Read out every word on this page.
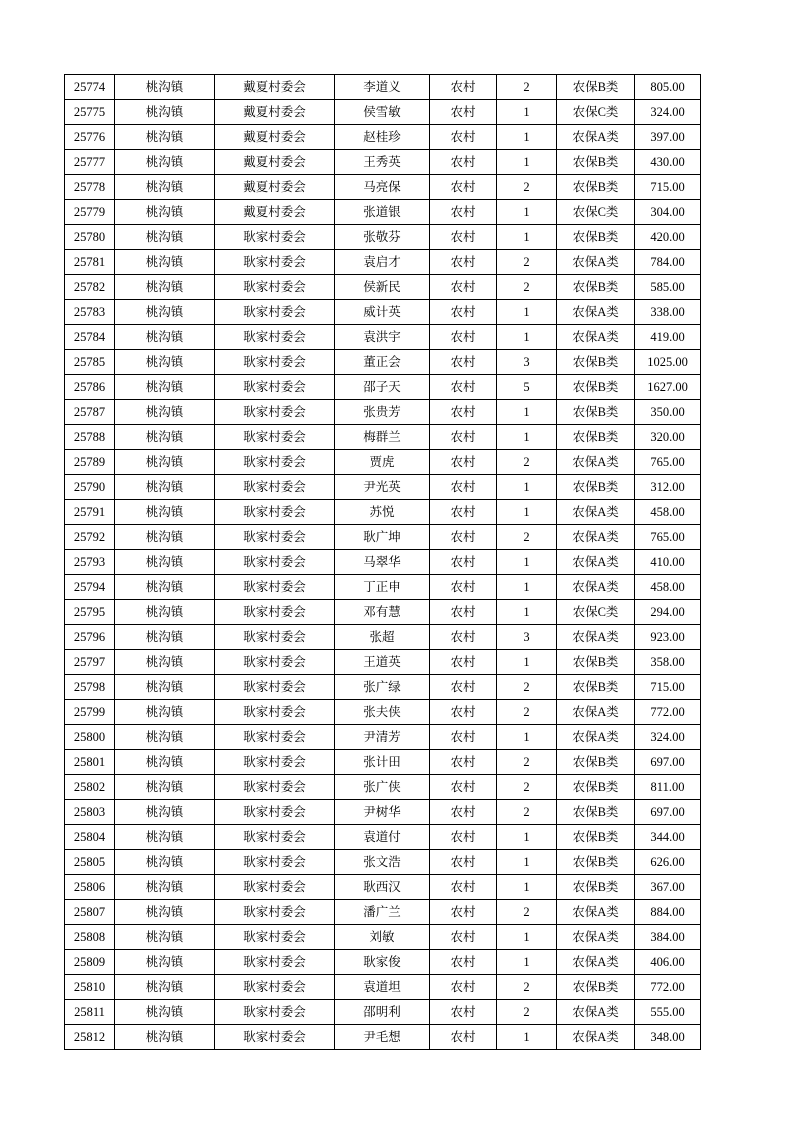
25774	桃沟镇	戴夏村委会	李道义	农村	2	农保B类	805.00
25775	桃沟镇	戴夏村委会	侯雪敏	农村	1	农保C类	324.00
25776	桃沟镇	戴夏村委会	赵桂珍	农村	1	农保A类	397.00
25777	桃沟镇	戴夏村委会	王秀英	农村	1	农保B类	430.00
25778	桃沟镇	戴夏村委会	马亮保	农村	2	农保B类	715.00
25779	桃沟镇	戴夏村委会	张道银	农村	1	农保C类	304.00
25780	桃沟镇	耿家村委会	张敬芬	农村	1	农保B类	420.00
25781	桃沟镇	耿家村委会	袁启才	农村	2	农保A类	784.00
25782	桃沟镇	耿家村委会	侯新民	农村	2	农保B类	585.00
25783	桃沟镇	耿家村委会	威计英	农村	1	农保A类	338.00
25784	桃沟镇	耿家村委会	袁洪宇	农村	1	农保A类	419.00
25785	桃沟镇	耿家村委会	董正会	农村	3	农保B类	1025.00
25786	桃沟镇	耿家村委会	邵子天	农村	5	农保B类	1627.00
25787	桃沟镇	耿家村委会	张贵芳	农村	1	农保B类	350.00
25788	桃沟镇	耿家村委会	梅群兰	农村	1	农保B类	320.00
25789	桃沟镇	耿家村委会	贾虎	农村	2	农保A类	765.00
25790	桃沟镇	耿家村委会	尹光英	农村	1	农保B类	312.00
25791	桃沟镇	耿家村委会	苏悦	农村	1	农保A类	458.00
25792	桃沟镇	耿家村委会	耿广坤	农村	2	农保A类	765.00
25793	桃沟镇	耿家村委会	马翠华	农村	1	农保A类	410.00
25794	桃沟镇	耿家村委会	丁正申	农村	1	农保A类	458.00
25795	桃沟镇	耿家村委会	邓有慧	农村	1	农保C类	294.00
25796	桃沟镇	耿家村委会	张超	农村	3	农保A类	923.00
25797	桃沟镇	耿家村委会	王道英	农村	1	农保B类	358.00
25798	桃沟镇	耿家村委会	张广绿	农村	2	农保B类	715.00
25799	桃沟镇	耿家村委会	张夫侠	农村	2	农保A类	772.00
25800	桃沟镇	耿家村委会	尹清芳	农村	1	农保A类	324.00
25801	桃沟镇	耿家村委会	张计田	农村	2	农保B类	697.00
25802	桃沟镇	耿家村委会	张广侠	农村	2	农保B类	811.00
25803	桃沟镇	耿家村委会	尹树华	农村	2	农保B类	697.00
25804	桃沟镇	耿家村委会	袁道付	农村	1	农保B类	344.00
25805	桃沟镇	耿家村委会	张文浩	农村	1	农保B类	626.00
25806	桃沟镇	耿家村委会	耿西汉	农村	1	农保B类	367.00
25807	桃沟镇	耿家村委会	潘广兰	农村	2	农保A类	884.00
25808	桃沟镇	耿家村委会	刘敏	农村	1	农保A类	384.00
25809	桃沟镇	耿家村委会	耿家俊	农村	1	农保A类	406.00
25810	桃沟镇	耿家村委会	袁道坦	农村	2	农保B类	772.00
25811	桃沟镇	耿家村委会	邵明利	农村	2	农保A类	555.00
25812	桃沟镇	耿家村委会	尹毛想	农村	1	农保A类	348.00
